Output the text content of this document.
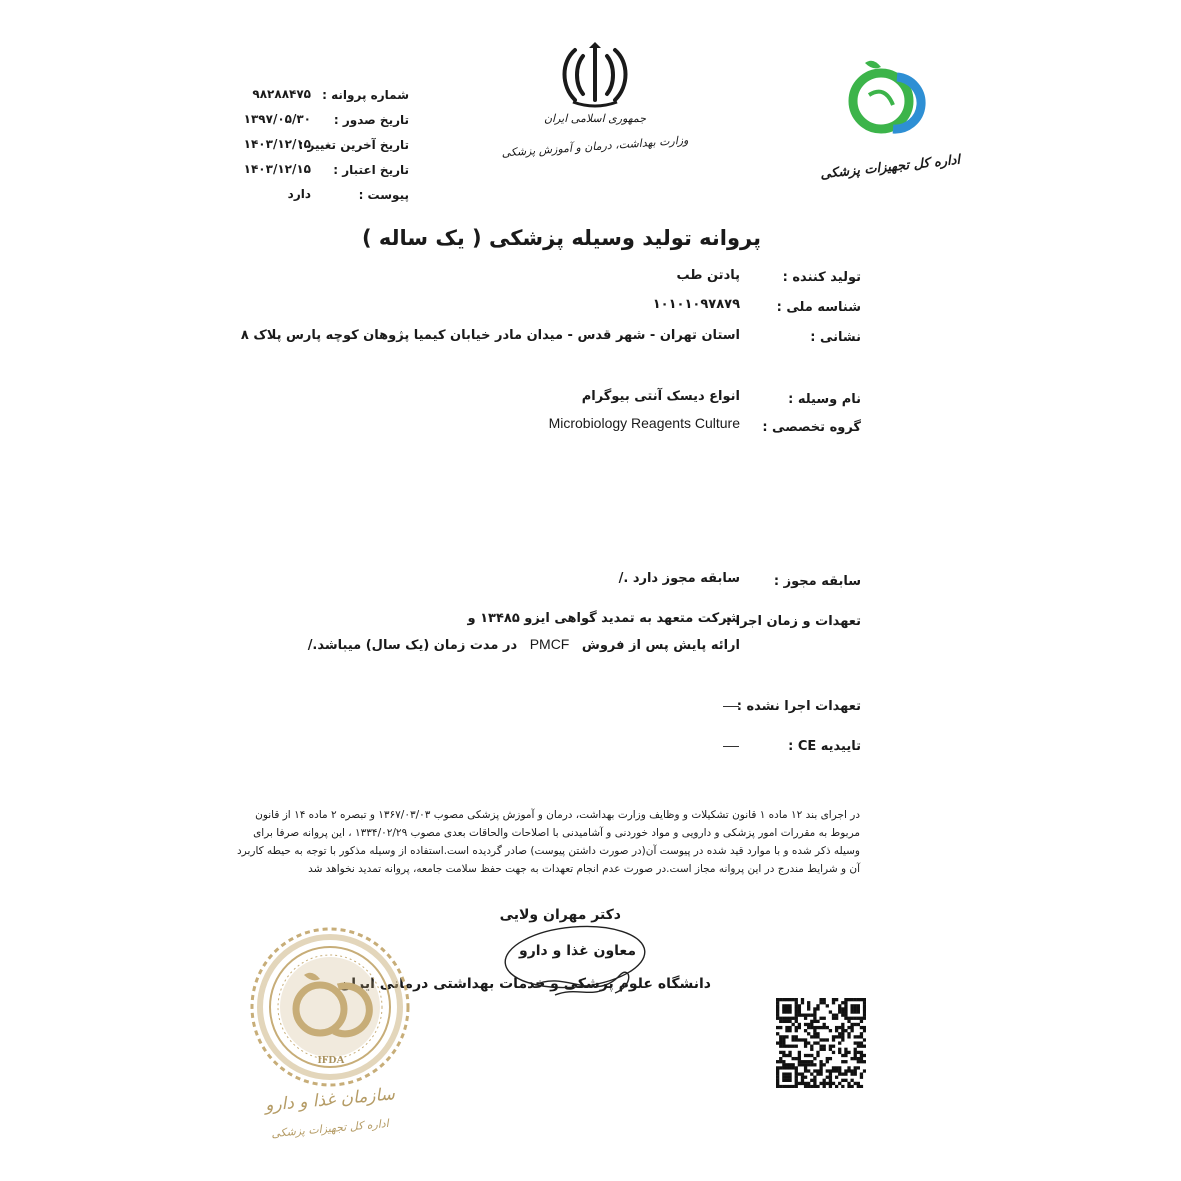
شماره پروانه :
۹۸۲۸۸۴۷۵
تاریخ صدور :
۱۳۹۷/۰۵/۳۰
تاریخ آخرین تغییر :
۱۴۰۳/۱۲/۱۵
تاریخ اعتبار :
۱۴۰۳/۱۲/۱۵
پیوست :
دارد
جمهوری اسلامی ایران
وزارت بهداشت، درمان و آموزش پزشکی
اداره کل تجهیزات پزشکی
پروانه تولید وسیله پزشکی ( یک ساله )
تولید کننده :
پادتن طب
شناسه ملی :
۱۰۱۰۱۰۹۷۸۷۹
نشانی :
استان تهران - شهر قدس - میدان مادر خیابان کیمیا پژوهان کوچه پارس پلاک ۸
نام وسیله :
انواع دیسک آنتی بیوگرام
گروه تخصصی :
Microbiology Reagents Culture
سابقه مجوز :
سابقه مجوز دارد ./
تعهدات و زمان اجرا :
شرکت متعهد به تمدید گواهی ایزو ۱۳۴۸۵ و
ارائه پایش پس از فروش PMCF در مدت زمان (یک سال) میباشد./
تعهدات اجرا نشده :
تاییدیه CE :
در اجرای بند ۱۲ ماده ۱ قانون تشکیلات و وظایف وزارت بهداشت، درمان و آموزش پزشکی مصوب ۱۳۶۷/۰۳/۰۳ و تبصره ۲ ماده ۱۴ از قانون
مربوط به مقررات امور پزشکی و دارویی و مواد خوردنی و آشامیدنی با اصلاحات والحاقات بعدی مصوب ۱۳۳۴/۰۲/۲۹ ، این پروانه صرفا برای
وسیله ذکر شده و با موارد قید شده در پیوست آن(در صورت داشتن پیوست) صادر گردیده است.استفاده از وسیله مذکور با توجه به حیطه کاربرد
آن و شرایط مندرج در این پروانه مجاز است.در صورت عدم انجام تعهدات به جهت حفظ سلامت جامعه، پروانه تمدید نخواهد شد
دکتر مهران ولایی
معاون غذا و دارو
دانشگاه علوم پزشکی و خدمات بهداشتی درمانی ایران
IFDA
سازمان غذا و دارو
اداره کل تجهیزات پزشکی
